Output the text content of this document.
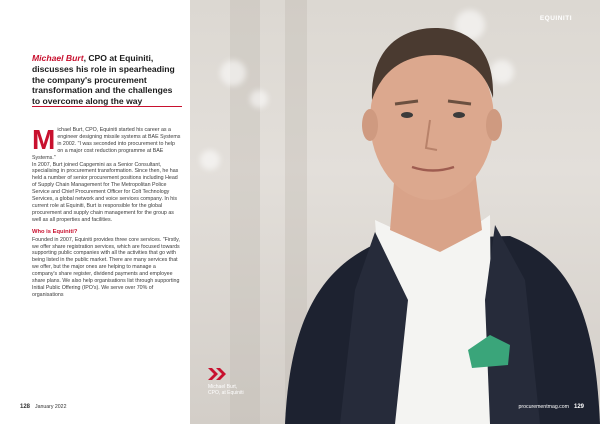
Michael Burt, CPO at Equiniti, discusses his role in spearheading the company's procurement transformation and the challenges to overcome along the way
M ichael Burt, CPO, Equiniti started his career as a engineer designing missile systems at BAE Systems in 2002. "I was seconded into procurement to help on a major cost reduction programme at BAE Systems."

In 2007, Burt joined Capgemini as a Senior Consultant, specialising in procurement transformation. Since then, he has held a number of senior procurement positions including Head of Supply Chain Management for The Metropolitan Police Service and Chief Procurement Officer for Colt Technology Services, a global network and voice services company. In his current role at Equiniti, Burt is responsible for the global procurement and supply chain management for the group as well as all properties and facilities.

Who is Equiniti?

Founded in 2007, Equiniti provides three core services. "Firstly, we offer share registration services, which are focused towards supporting public companies with all the activities that go with being listed in the public market. There are many services that we offer, but the major ones are helping to manage a company's share register, dividend payments and employee share plans. We also help organisations list through supporting Initial Public Offering (IPO's). We serve over 70% of organisations

128 January 2022
EQUINITI
Michael Burt,
CPO, at Equiniti
procurementmag.com 129
